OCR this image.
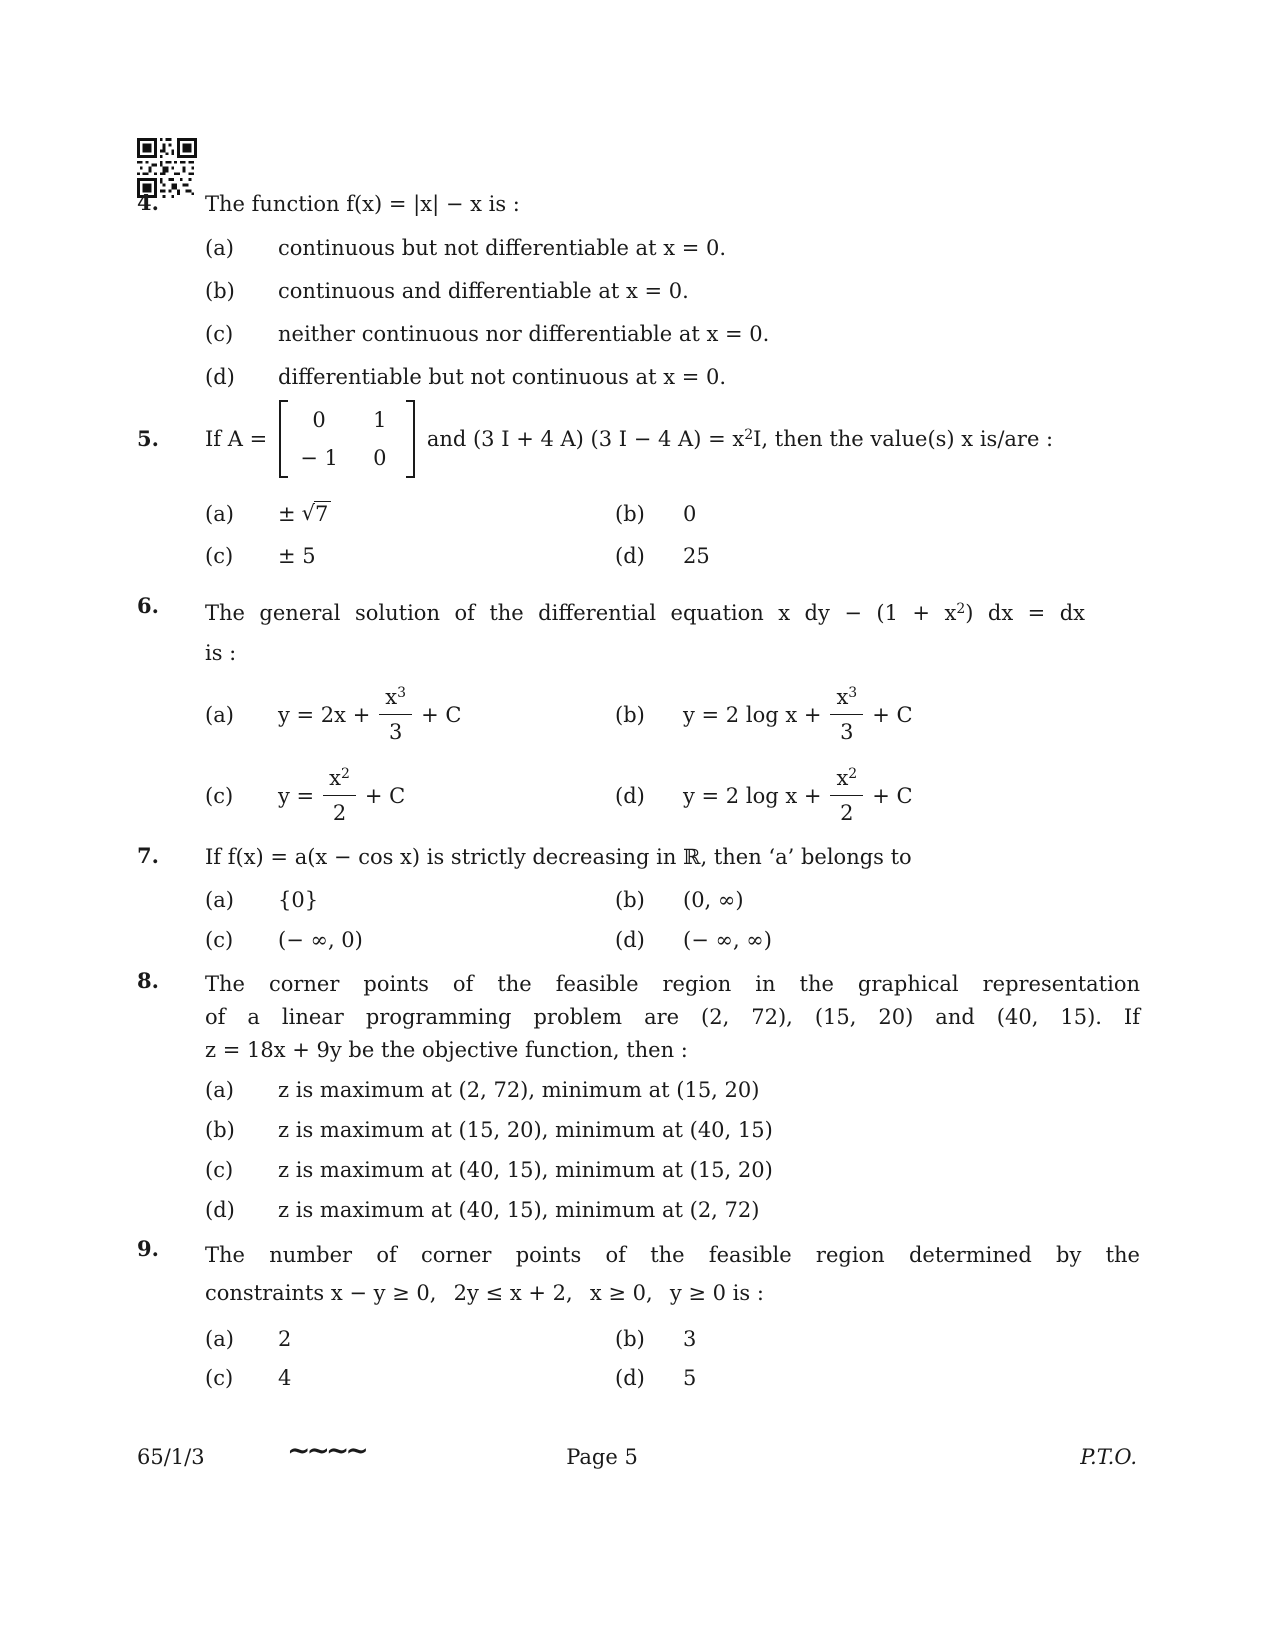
4.	The function f(x) = |x| − x is :
(a)	continuous but not differentiable at x = 0.
(b)	continuous and differentiable at x = 0.
(c)	neither continuous nor differentiable at x = 0.
(d)	differentiable but not continuous at x = 0.
5.	If A =
0	1
− 1	0
and (3 I + 4 A) (3 I − 4 $A) = x^2I$, then the value(s) x is/are :
(a)	± √7	(b)	0
(c)	± 5	(d)	25
6.	The general solution of the differential equation x dy − $(1 + x^2)$ dx = dx
is :
(a)	$y = 2x + \frac{x^3}{3} + C$	(b)	y = 2 $\log x + \frac{x^3}{3} + C$
(c)	$y = \frac{x^2}{2} + C$	(d)	y = 2 $\log x + \frac{x^2}{2} + C$
7.	If f(x) = a(x − cos x) is strictly decreasing in ℝ, then ‘a’ belongs to
(a)	{0}	(b)	(0, ∞)
(c)	(− ∞, 0)	(d)	(− ∞, ∞)
8.	The corner points of the feasible region in the graphical representation
of a linear programming problem are (2, 72), (15, 20) and (40, 15). If
z = 18x + 9y be the objective function, then :
(a)	z is maximum at (2, 72), minimum at (15, 20)
(b)	z is maximum at (15, 20), minimum at (40, 15)
(c)	z is maximum at (40, 15), minimum at (15, 20)
(d)	z is maximum at (40, 15), minimum at (2, 72)
9.	The number of corner points of the feasible region determined by the
constraints x − y ≥ 0,  2y ≤ x + 2,  x ≥ 0,  y ≥ 0 is :
(a)	2	(b)	3
(c)	4	(d)	5
65/1/3	~~~~	Page 5	P.T.O.
